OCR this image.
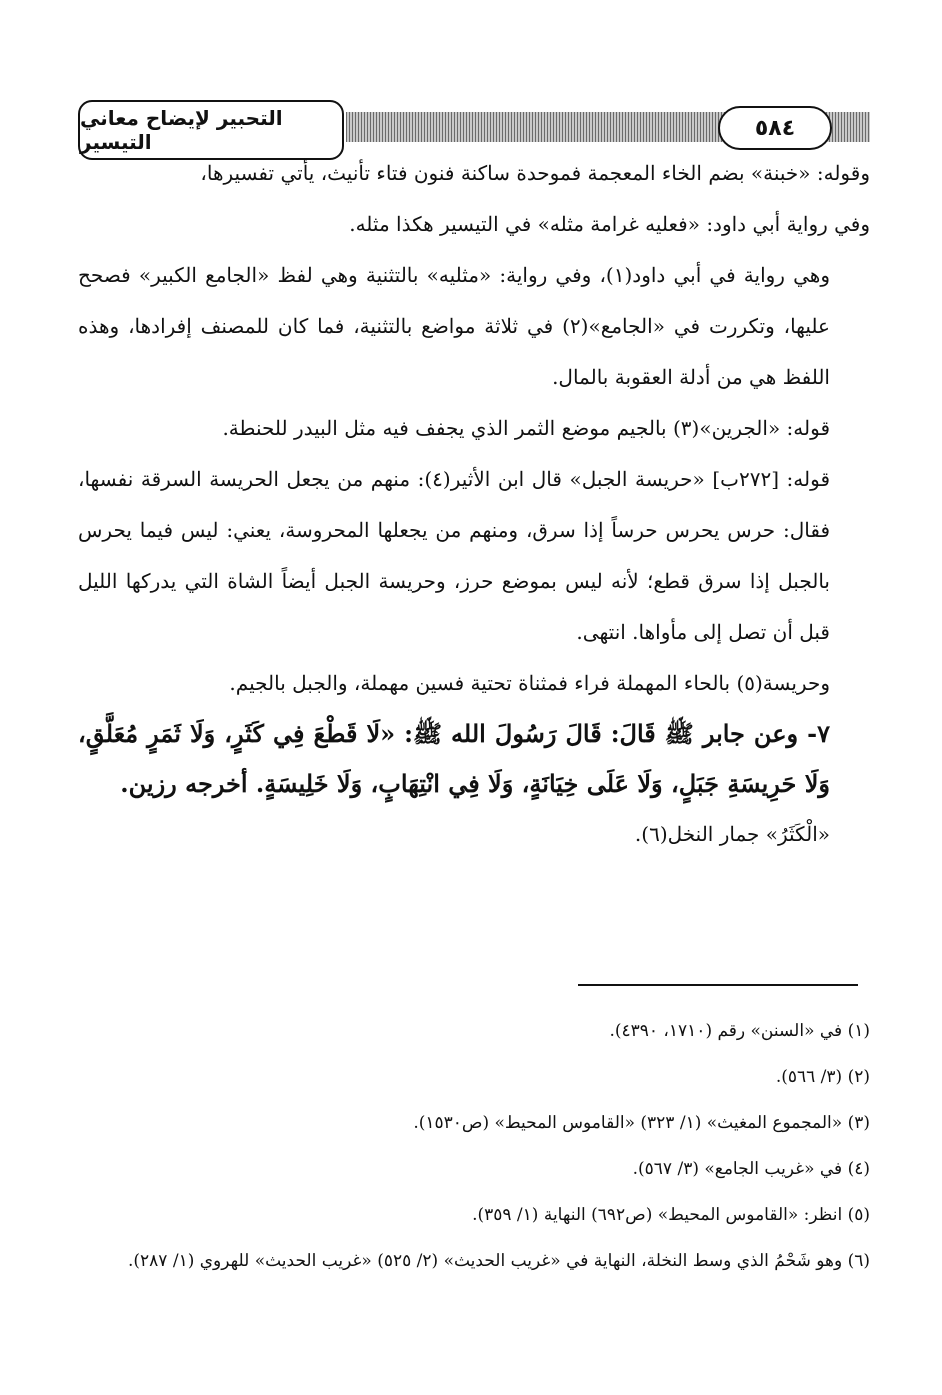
التحبير لإيضاح معاني التيسير
٥٨٤

وقوله: «خبنة» بضم الخاء المعجمة فموحدة ساكنة فنون فتاء تأنيث، يأتي تفسيرها،

وفي رواية أبي داود: «فعليه غرامة مثله» في التيسير هكذا مثله.

وهي رواية في أبي داود(١)، وفي رواية: «مثليه» بالتثنية وهي لفظ «الجامع الكبير» فصحح عليها، وتكررت في «الجامع»(٢) في ثلاثة مواضع بالتثنية، فما كان للمصنف إفرادها، وهذه اللفظ هي من أدلة العقوبة بالمال.

قوله: «الجرين»(٣) بالجيم موضع الثمر الذي يجفف فيه مثل البيدر للحنطة.

قوله: [٢٧٢ب] «حريسة الجبل» قال ابن الأثير(٤): منهم من يجعل الحريسة السرقة نفسها، فقال: حرس يحرس حرساً إذا سرق، ومنهم من يجعلها المحروسة، يعني: ليس فيما يحرس بالجبل إذا سرق قطع؛ لأنه ليس بموضع حرز، وحريسة الجبل أيضاً الشاة التي يدركها الليل قبل أن تصل إلى مأواها. انتهى.

وحريسة(٥) بالحاء المهملة فراء فمثناة تحتية فسين مهملة، والجبل بالجيم.

٧- وعن جابر ﷺ قَالَ: قَالَ رَسُولَ الله ﷺ: «لَا قَطْعَ فِي كَثَرٍ، وَلَا ثَمَرٍ مُعَلَّقٍ، وَلَا حَرِيسَةِ جَبَلٍ، وَلَا عَلَى خِيَانَةٍ، وَلَا فِي انْتِهَابٍ، وَلَا خَلِيسَةٍ. أخرجه رزين.

«الْكَثَرُ» جمار النخل(٦).

(١) في «السنن» رقم (١٧١٠، ٤٣٩٠).

(٢) (٣/ ٥٦٦).

(٣) «المجموع المغيث» (١/ ٣٢٣) «القاموس المحيط» (ص١٥٣٠).

(٤) في «غريب الجامع» (٣/ ٥٦٧).

(٥) انظر: «القاموس المحيط» (ص٦٩٢) النهاية (١/ ٣٥٩).

(٦) وهو شَحْمُ الذي وسط النخلة، النهاية في «غريب الحديث» (٢/ ٥٢٥) «غريب الحديث» للهروي (١/ ٢٨٧).
